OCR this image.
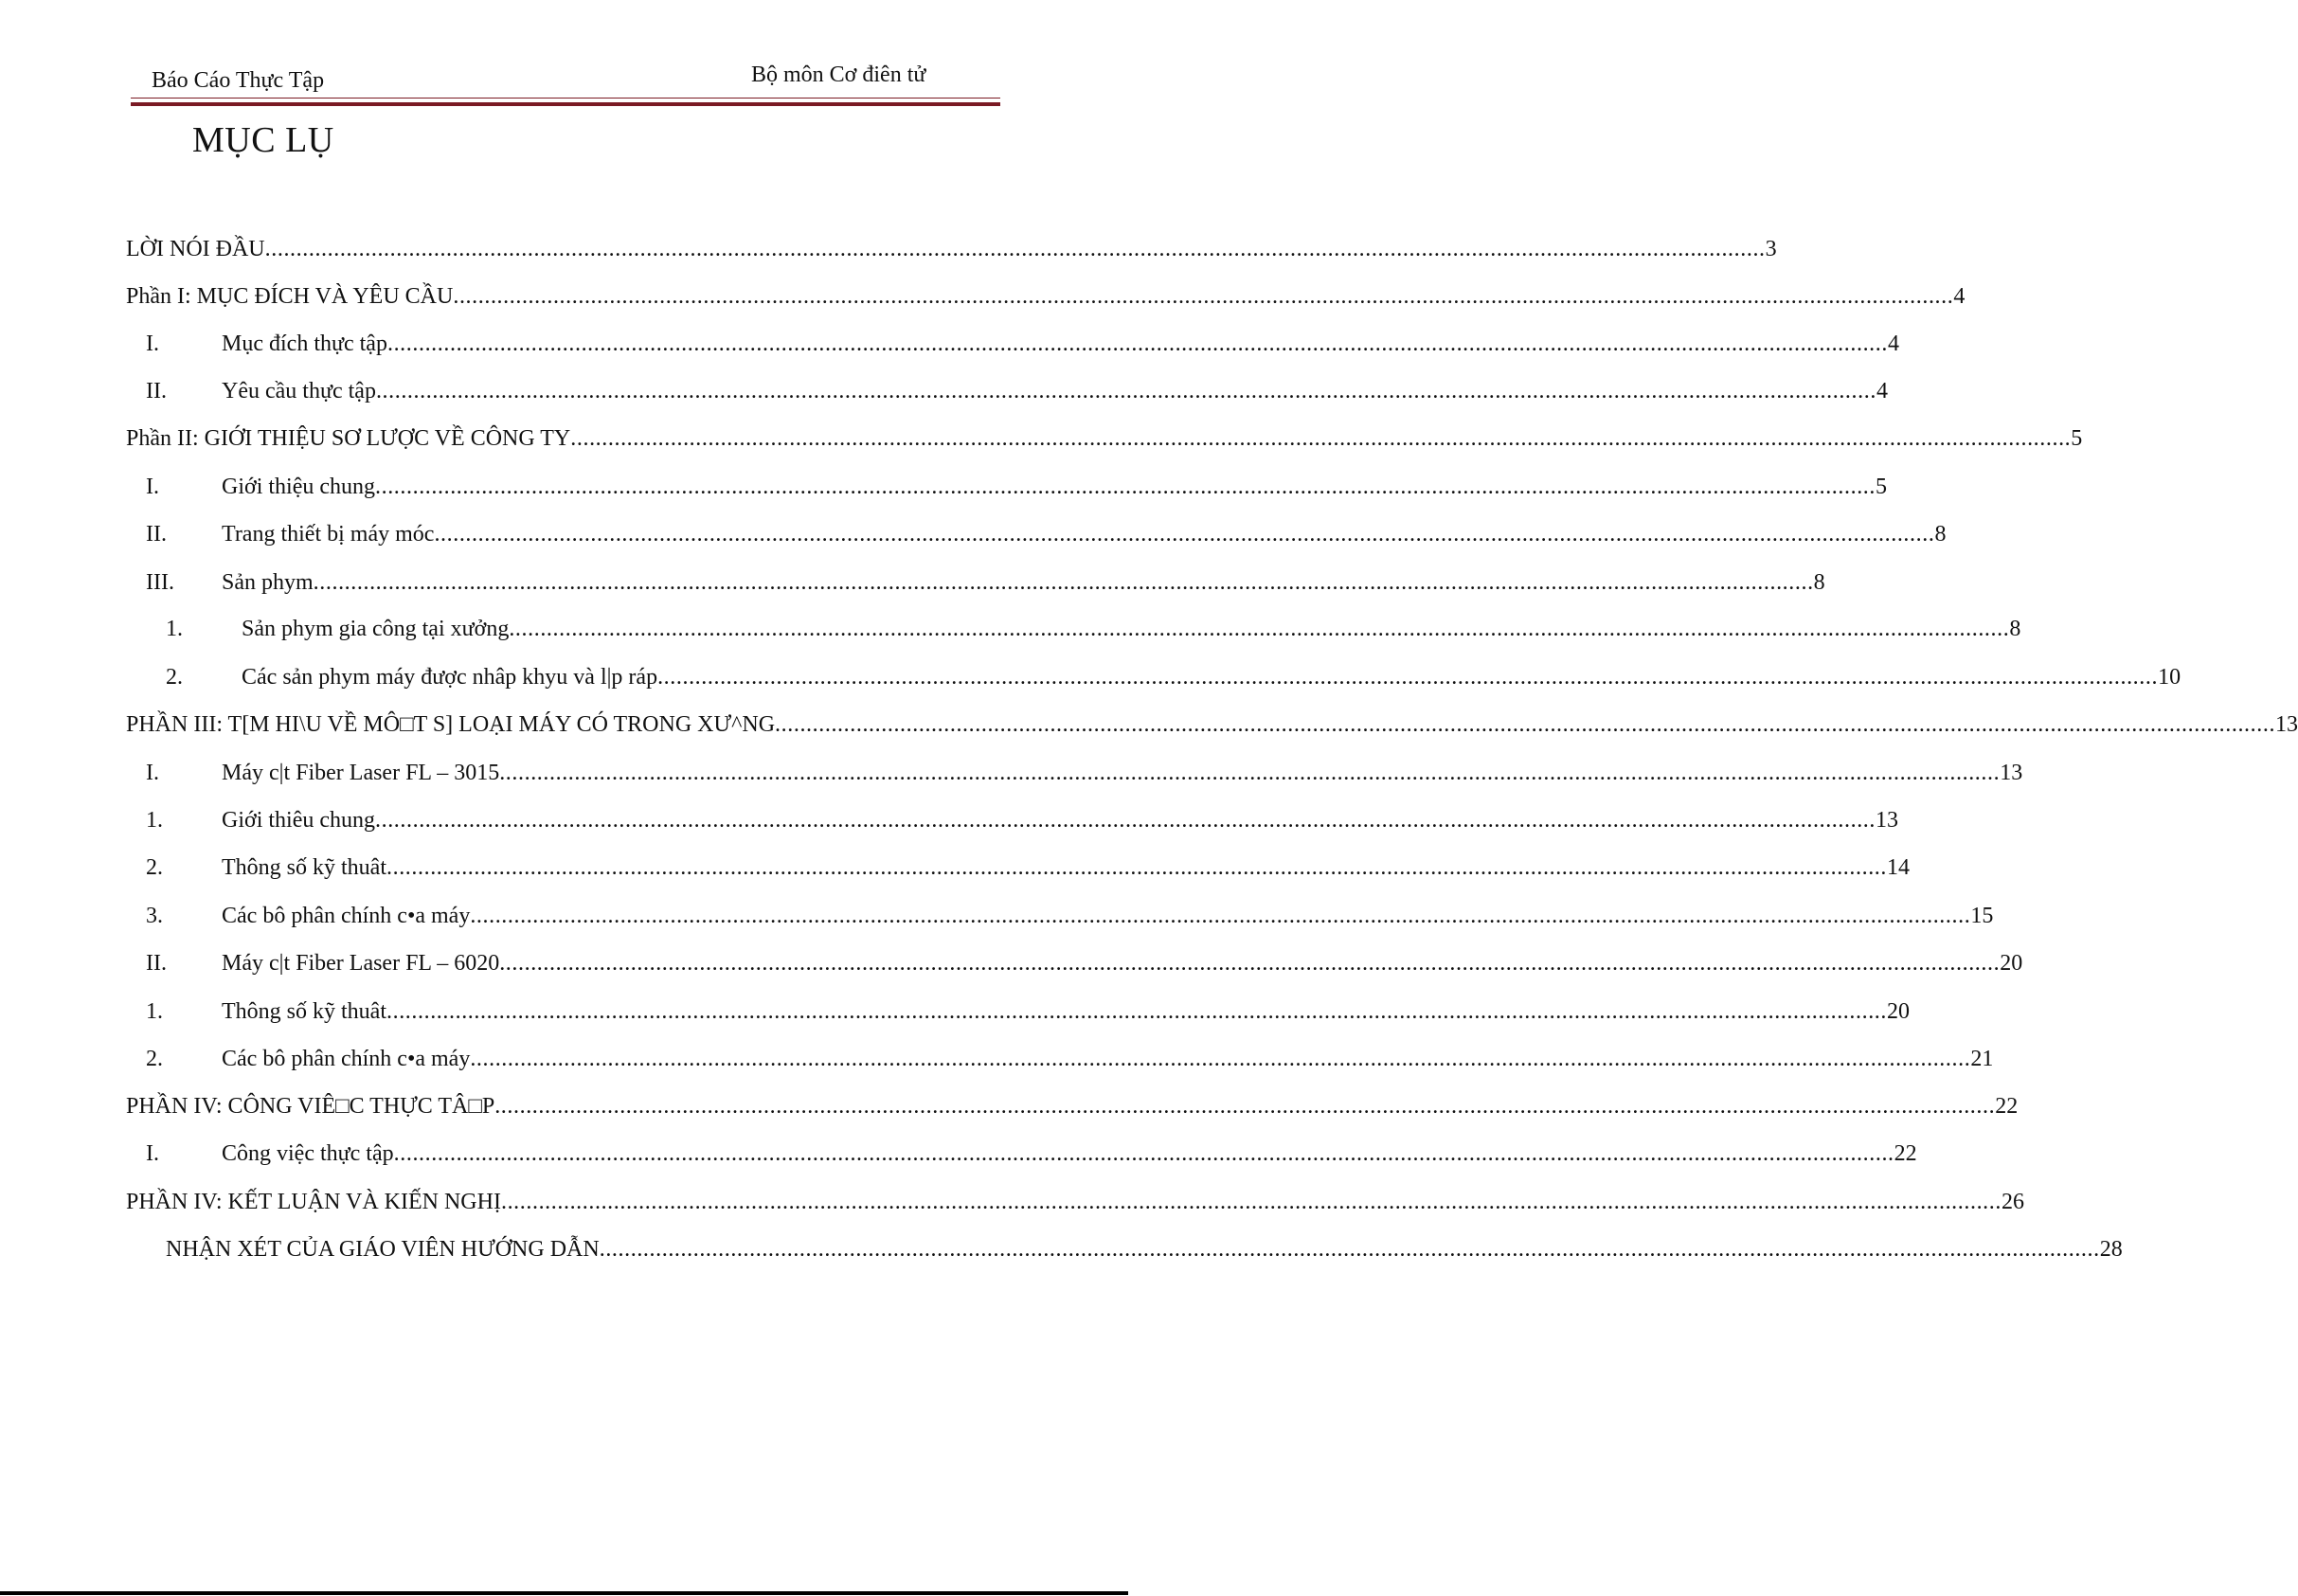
Báo Cáo Thực Tập	Bộ môn Cơ điên tử
MỤC LỤ
LỜI NÓI ĐẦU ................................................................................................................................................................................................................................................ 3
Phần I: MỤC ĐÍCH VÀ YÊU CẦU ................................................................................................................................................................................................................................................ 4
I.	Mục đích thực tập ................................................................................................................................................................................................................................................ 4
II.	Yêu cầu thực tập ................................................................................................................................................................................................................................................ 4
Phần II: GIỚI THIỆU SƠ LƯỢC VỀ CÔNG TY ................................................................................................................................................................................................................................................ 5
I.	Giới thiệu chung ................................................................................................................................................................................................................................................ 5
II.	Trang thiết bị máy móc ................................................................................................................................................................................................................................................ 8
III.	Sản phym ................................................................................................................................................................................................................................................ 8
1.	Sản phym gia công tại xưởng ................................................................................................................................................................................................................................................ 8
2.	Các sản phym máy được nhâp khyu và l|p ráp ................................................................................................................................................................................................................................................ 10
PHẦN III: T[M HI\U VỀ MÔ□T S] LOẠI MÁY CÓ TRONG XƯ^NG ................................................................................................................................................................................................................................................ 13
I.	Máy c|t Fiber Laser FL – 3015 ................................................................................................................................................................................................................................................ 13
1.	Giới thiêu chung ................................................................................................................................................................................................................................................ 13
2.	Thông số kỹ thuât ................................................................................................................................................................................................................................................ 14
3.	Các bô phân chính c•a máy ................................................................................................................................................................................................................................................ 15
II.	Máy c|t Fiber Laser FL – 6020 ................................................................................................................................................................................................................................................ 20
1.	Thông số kỹ thuât ................................................................................................................................................................................................................................................ 20
2.	Các bô phân chính c•a máy ................................................................................................................................................................................................................................................ 21
PHẦN IV: CÔNG VIÊ□C THỰC TÂ□P ................................................................................................................................................................................................................................................ 22
I.	Công việc thực tập ................................................................................................................................................................................................................................................ 22
PHẦN IV: KẾT LUẬN VÀ KIẾN NGHỊ ................................................................................................................................................................................................................................................ 26
NHẬN XÉT CỦA GIÁO VIÊN HƯỚNG DẪN ................................................................................................................................................................................................................................................ 28
